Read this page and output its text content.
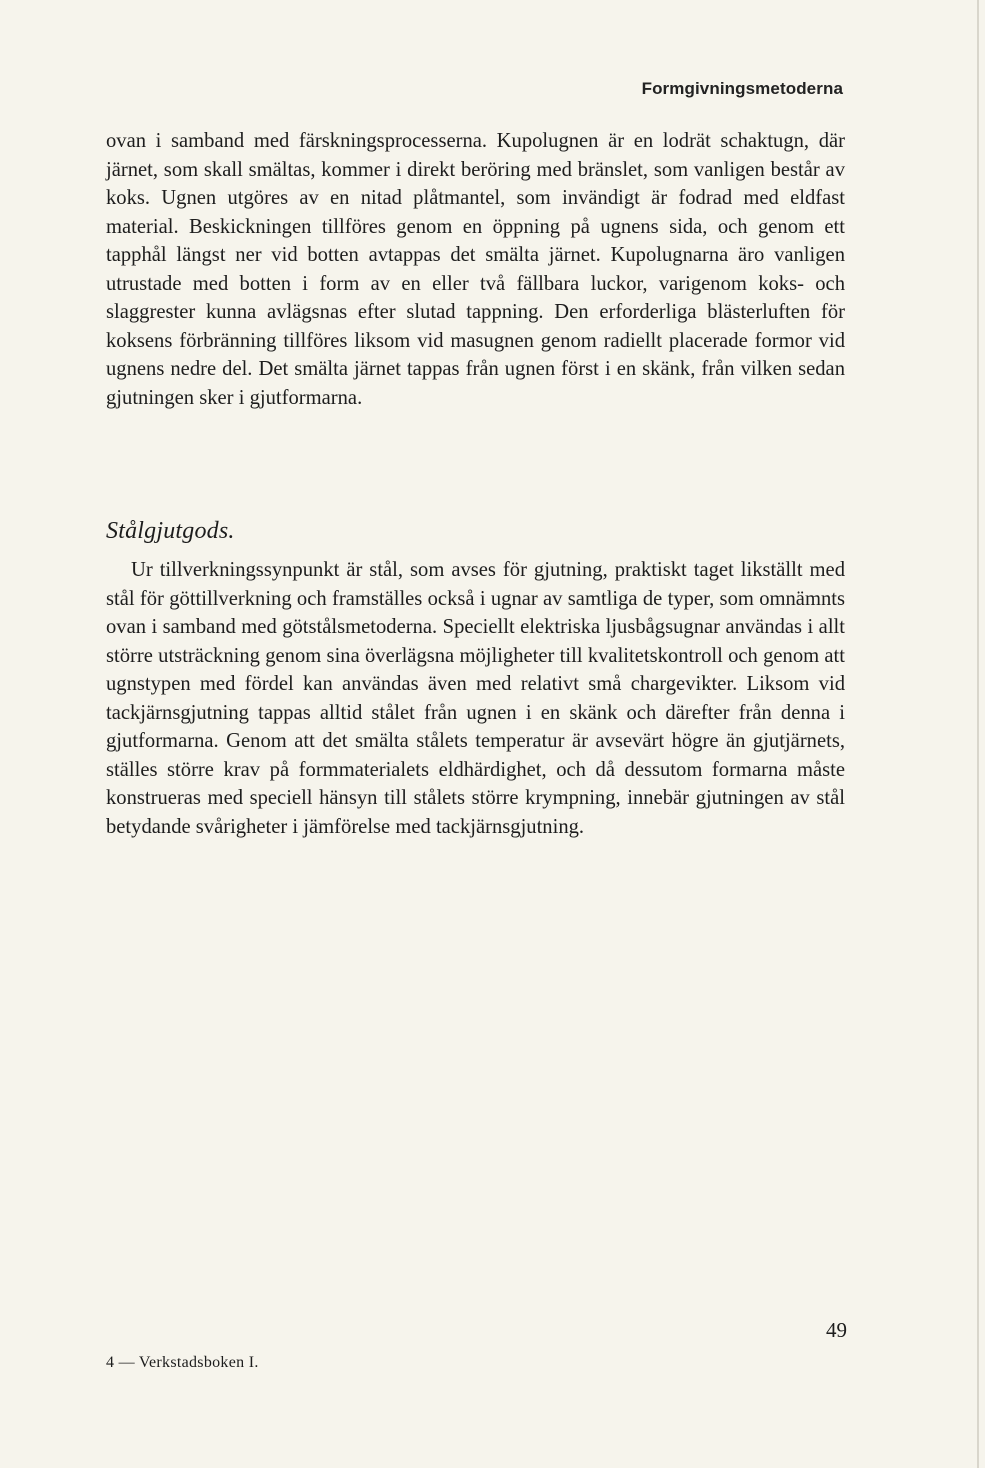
Formgivningsmetoderna

ovan i samband med färskningsprocesserna. Kupolugnen är en lodrät schaktugn, där järnet, som skall smältas, kommer i direkt beröring med bränslet, som vanligen består av koks. Ugnen utgöres av en nitad plåtmantel, som invändigt är fodrad med eldfast material. Beskickningen tillföres genom en öppning på ugnens sida, och genom ett tapphål längst ner vid botten avtappas det smälta järnet. Kupolugnarna äro vanligen utrustade med botten i form av en eller två fällbara luckor, varigenom koks- och slaggrester kunna avlägsnas efter slutad tappning. Den erforderliga blästerluften för koksens förbränning tillföres liksom vid masugnen genom radiellt placerade formor vid ugnens nedre del. Det smälta järnet tappas från ugnen först i en skänk, från vilken sedan gjutningen sker i gjutformarna.

Stålgjutgods.

Ur tillverkningssynpunkt är stål, som avses för gjutning, praktiskt taget likställt med stål för göttillverkning och framställes också i ugnar av samtliga de typer, som omnämnts ovan i samband med götstålsmetoderna. Speciellt elektriska ljusbågsugnar användas i allt större utsträckning genom sina överlägsna möjligheter till kvalitetskontroll och genom att ugnstypen med fördel kan användas även med relativt små chargevikter. Liksom vid tackjärnsgjutning tappas alltid stålet från ugnen i en skänk och därefter från denna i gjutformarna. Genom att det smälta stålets temperatur är avsevärt högre än gjutjärnets, ställes större krav på formmaterialets eldhärdighet, och då dessutom formarna måste konstrueras med speciell hänsyn till stålets större krympning, innebär gjutningen av stål betydande svårigheter i jämförelse med tackjärnsgjutning.

49
4 — Verkstadsboken I.
